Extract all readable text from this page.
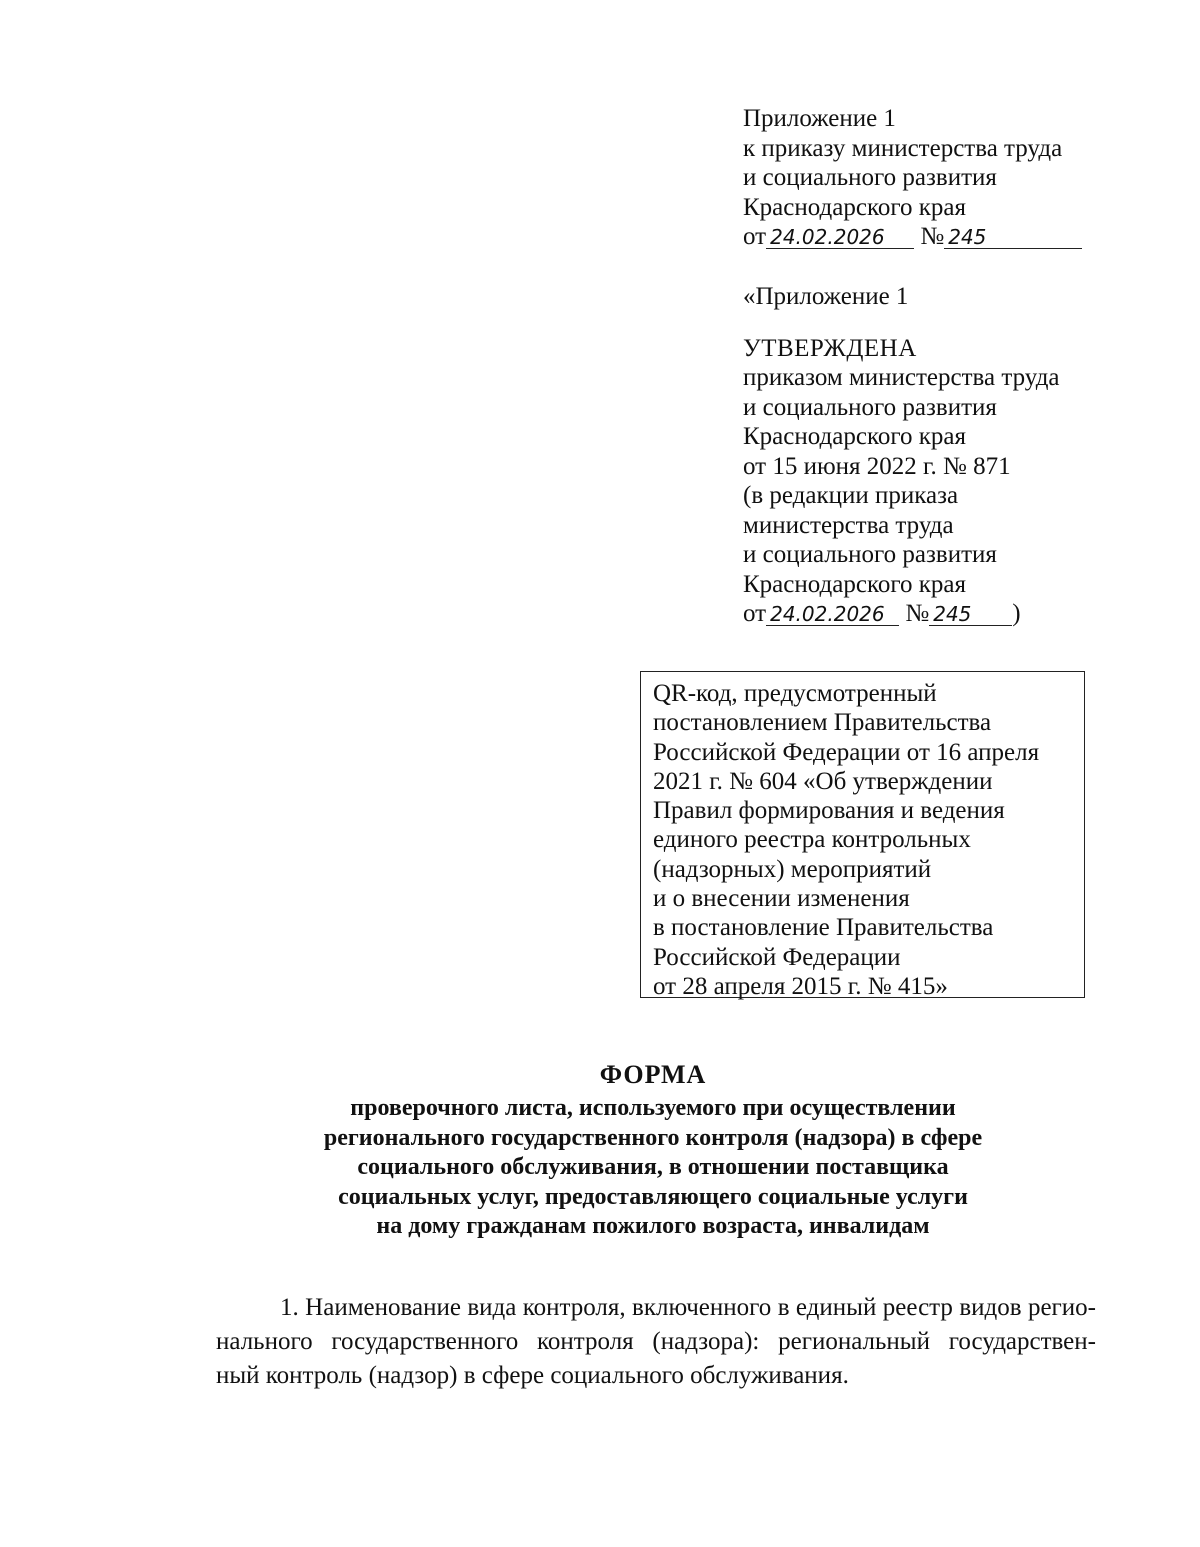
Приложение 1
к приказу министерства труда
и социального развития
Краснодарского края
от 24.02.2026 № 245
«Приложение 1
УТВЕРЖДЕНА
приказом министерства труда
и социального развития
Краснодарского края
от 15 июня 2022 г. № 871
(в редакции приказа
министерства труда
и социального развития
Краснодарского края
от 24.02.2026 № 245 )
QR-код, предусмотренный
постановлением Правительства
Российской Федерации от 16 апреля
2021 г. № 604 «Об утверждении
Правил формирования и ведения
единого реестра контрольных
(надзорных) мероприятий
и о внесении изменения
в постановление Правительства
Российской Федерации
от 28 апреля 2015 г. № 415»
ФОРМА
проверочного листа, используемого при осуществлении
регионального государственного контроля (надзора) в сфере
социального обслуживания, в отношении поставщика
социальных услуг, предоставляющего социальные услуги
на дому гражданам пожилого возраста, инвалидам
1. Наименование вида контроля, включенного в единый реестр видов регио-
нального государственного контроля (надзора): региональный государствен-
ный контроль (надзор) в сфере социального обслуживания.
